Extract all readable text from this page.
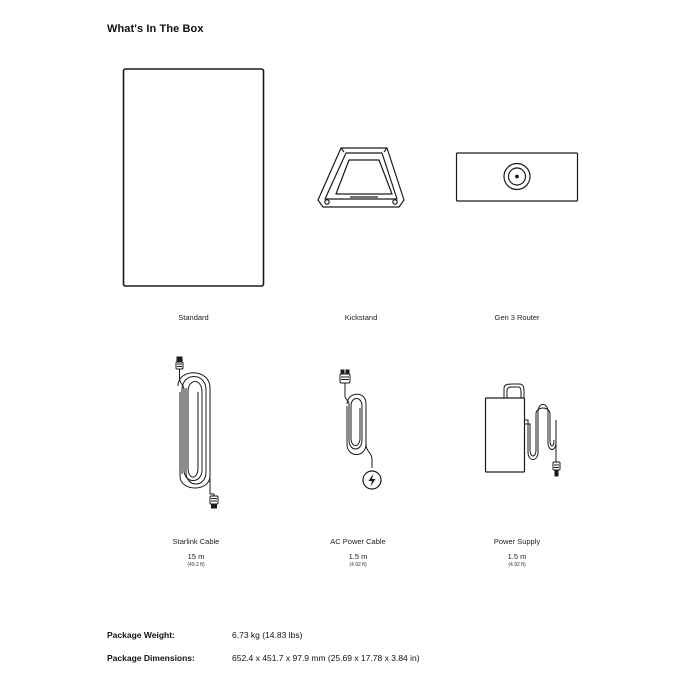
What's In The Box
Standard	Kickstand	Gen 3 Router
Starlink Cable
15 m
(49.2 ft)
AC Power Cable
1.5 m
(4.92 ft)
Power Supply
1.5 m
(4.92 ft)
Package Weight:	6.73 kg (14.83 lbs)
Package Dimensions:	652.4 x 451.7 x 97.9 mm (25.69 x 17.78 x 3.84 in)
